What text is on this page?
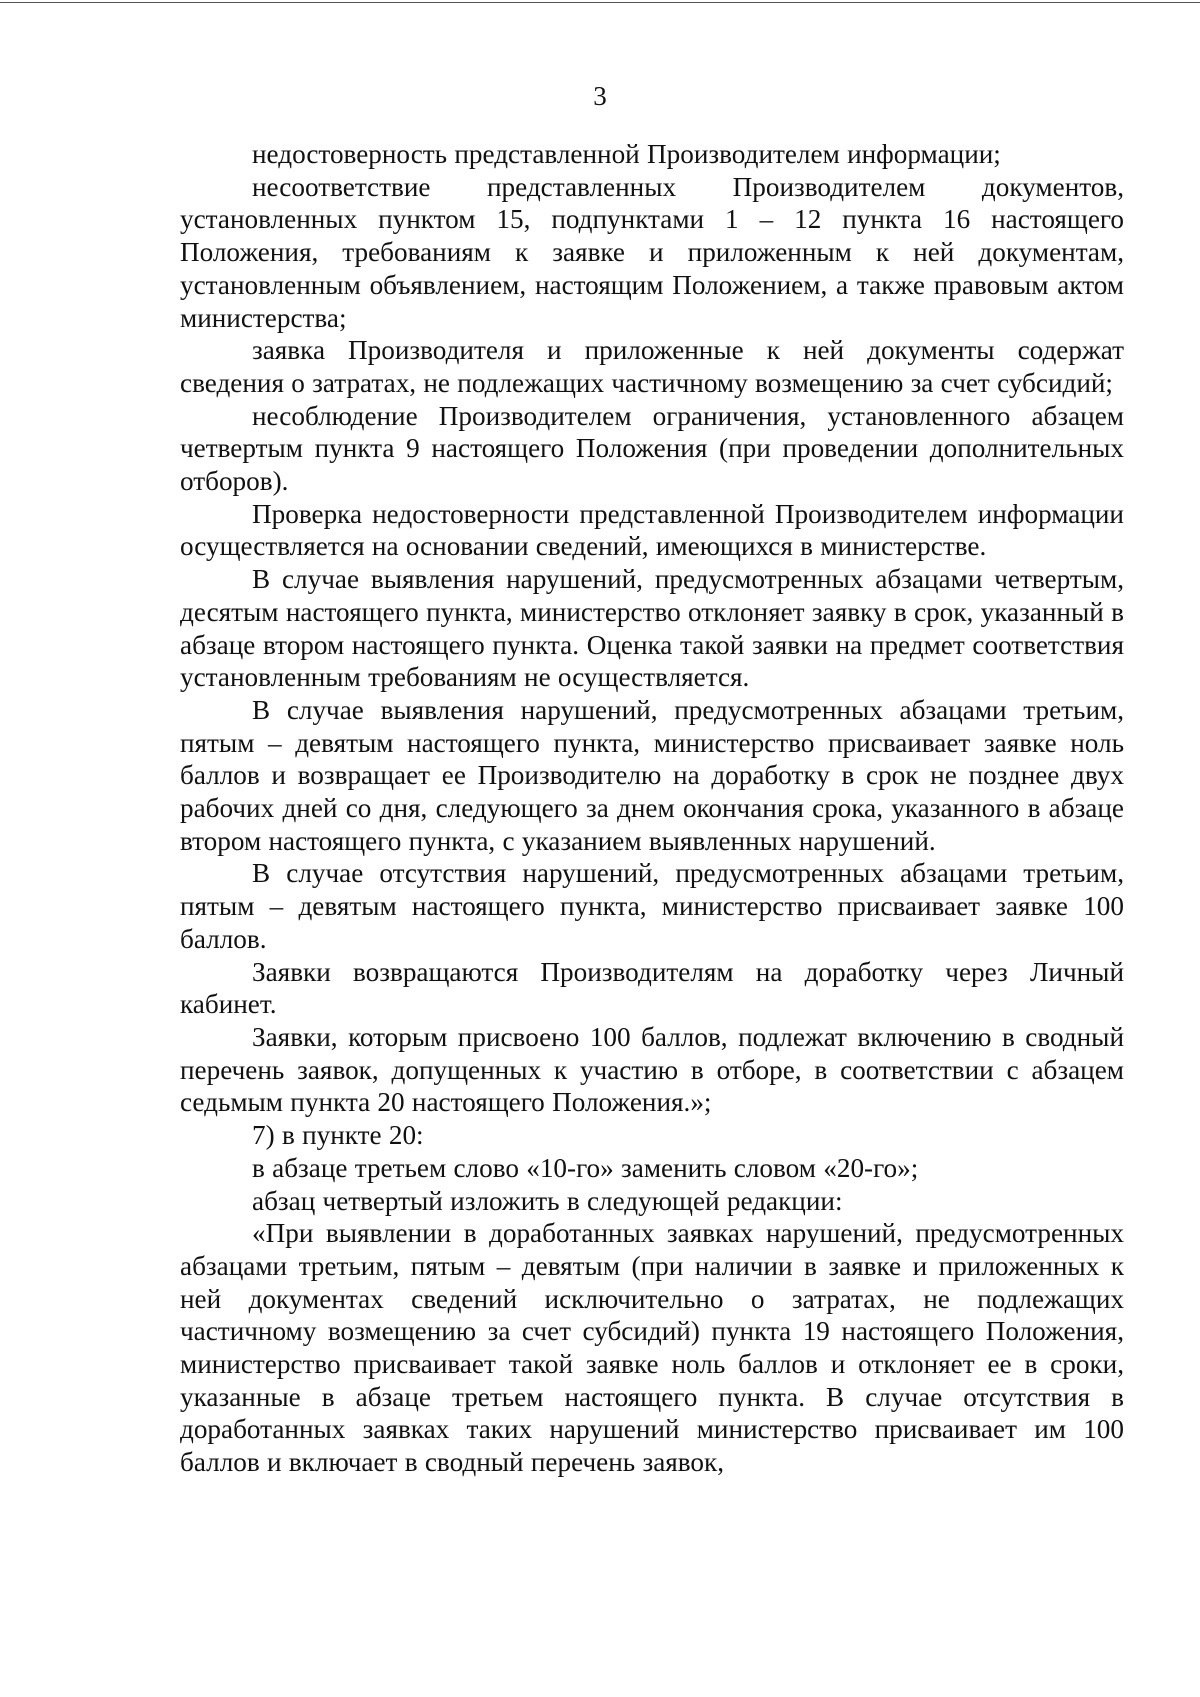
3

недостоверность представленной Производителем информации;

несоответствие представленных Производителем документов, установленных пунктом 15, подпунктами 1 – 12 пункта 16 настоящего Положения, требованиям к заявке и приложенным к ней документам, установленным объявлением, настоящим Положением, а также правовым актом министерства;

заявка Производителя и приложенные к ней документы содержат сведения о затратах, не подлежащих частичному возмещению за счет субсидий;

несоблюдение Производителем ограничения, установленного абзацем четвертым пункта 9 настоящего Положения (при проведении дополнительных отборов).

Проверка недостоверности представленной Производителем информации осуществляется на основании сведений, имеющихся в министерстве.

В случае выявления нарушений, предусмотренных абзацами четвертым, десятым настоящего пункта, министерство отклоняет заявку в срок, указанный в абзаце втором настоящего пункта. Оценка такой заявки на предмет соответствия установленным требованиям не осуществляется.

В случае выявления нарушений, предусмотренных абзацами третьим, пятым – девятым настоящего пункта, министерство присваивает заявке ноль баллов и возвращает ее Производителю на доработку в срок не позднее двух рабочих дней со дня, следующего за днем окончания срока, указанного в абзаце втором настоящего пункта, с указанием выявленных нарушений.

В случае отсутствия нарушений, предусмотренных абзацами третьим, пятым – девятым настоящего пункта, министерство присваивает заявке 100 баллов.

Заявки возвращаются Производителям на доработку через Личный кабинет.

Заявки, которым присвоено 100 баллов, подлежат включению в сводный перечень заявок, допущенных к участию в отборе, в соответствии с абзацем седьмым пункта 20 настоящего Положения.»;

7) в пункте 20:

в абзаце третьем слово «10-го» заменить словом «20-го»;

абзац четвертый изложить в следующей редакции:

«При выявлении в доработанных заявках нарушений, предусмотренных абзацами третьим, пятым – девятым (при наличии в заявке и приложенных к ней документах сведений исключительно о затратах, не подлежащих частичному возмещению за счет субсидий) пункта 19 настоящего Положения, министерство присваивает такой заявке ноль баллов и отклоняет ее в сроки, указанные в абзаце третьем настоящего пункта. В случае отсутствия в доработанных заявках таких нарушений министерство присваивает им 100 баллов и включает в сводный перечень заявок,
